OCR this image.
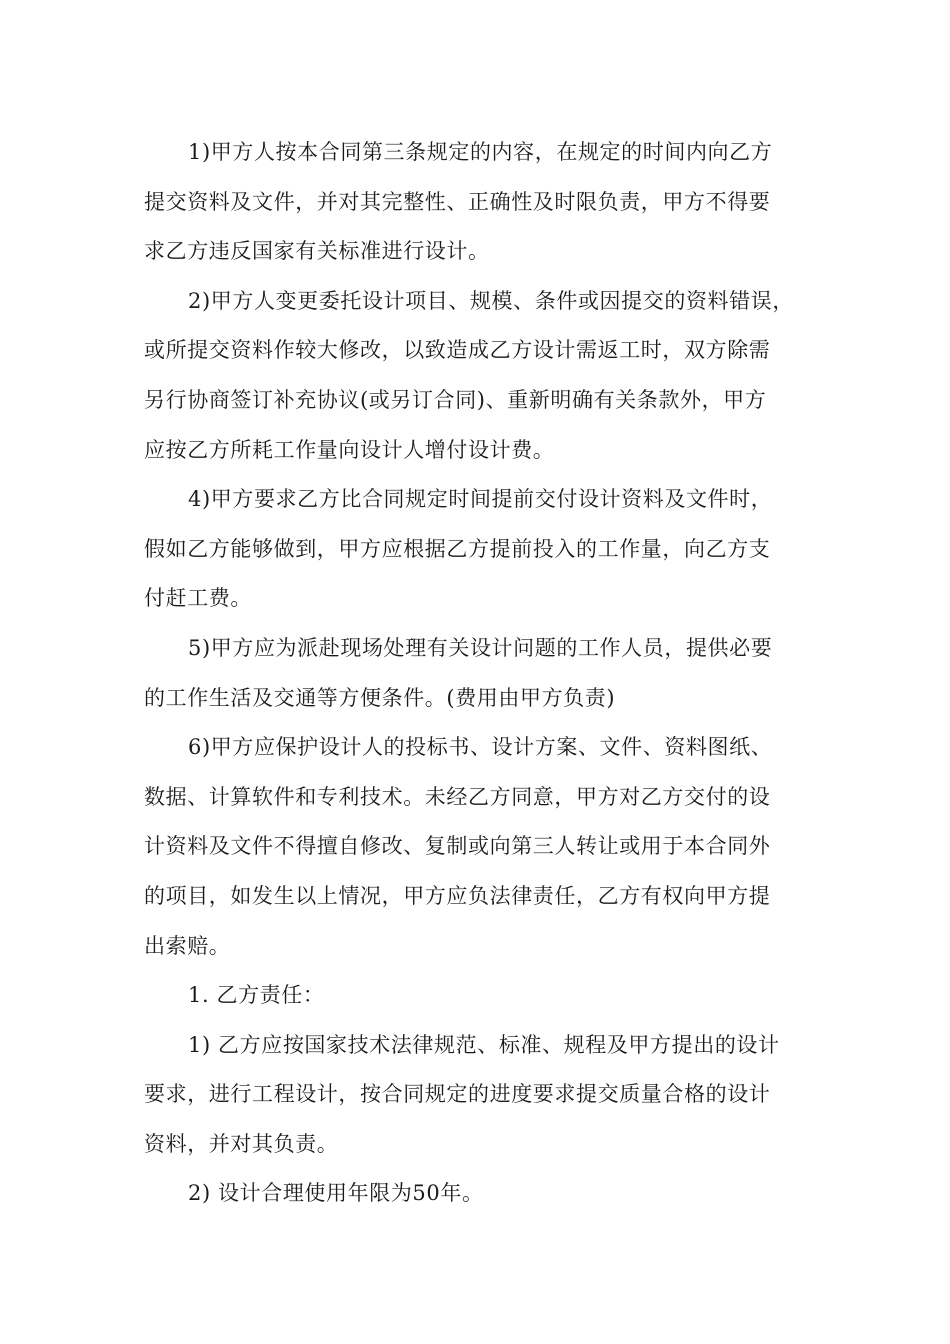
1)甲方人按本合同第三条规定的内容，在规定的时间内向乙方
提交资料及文件，并对其完整性、正确性及时限负责，甲方不得要
求乙方违反国家有关标准进行设计。

2)甲方人变更委托设计项目、规模、条件或因提交的资料错误，
或所提交资料作较大修改，以致造成乙方设计需返工时，双方除需
另行协商签订补充协议(或另订合同)、重新明确有关条款外，甲方
应按乙方所耗工作量向设计人增付设计费。

4)甲方要求乙方比合同规定时间提前交付设计资料及文件时，
假如乙方能够做到，甲方应根据乙方提前投入的工作量，向乙方支
付赶工费。

5)甲方应为派赴现场处理有关设计问题的工作人员，提供必要
的工作生活及交通等方便条件。(费用由甲方负责)

6)甲方应保护设计人的投标书、设计方案、文件、资料图纸、
数据、计算软件和专利技术。未经乙方同意，甲方对乙方交付的设
计资料及文件不得擅自修改、复制或向第三人转让或用于本合同外
的项目，如发生以上情况，甲方应负法律责任，乙方有权向甲方提
出索赔。

1. 乙方责任：

1) 乙方应按国家技术法律规范、标准、规程及甲方提出的设计
要求，进行工程设计，按合同规定的进度要求提交质量合格的设计
资料，并对其负责。

2) 设计合理使用年限为50年。
